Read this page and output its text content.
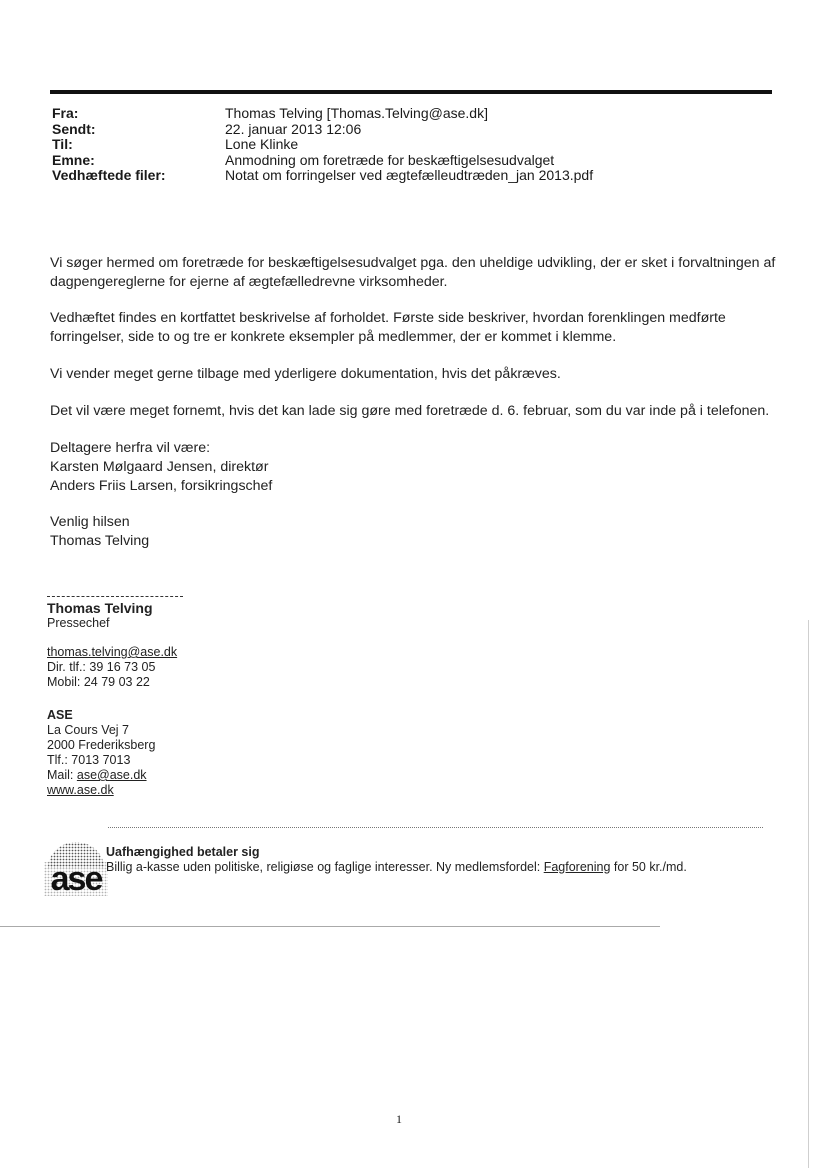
Fra:	Thomas Telving [Thomas.Telving@ase.dk]
Sendt:	22. januar 2013 12:06
Til:	Lone Klinke
Emne:	Anmodning om foretræde for beskæftigelsesudvalget
Vedhæftede filer:	Notat om forringelser ved ægtefælleudtræden_jan 2013.pdf

Vi søger hermed om foretræde for beskæftigelsesudvalget pga. den uheldige udvikling, der er sket i forvaltningen af

dagpengereglerne for ejerne af ægtefælledrevne virksomheder.

Vedhæftet findes en kortfattet beskrivelse af forholdet. Første side beskriver, hvordan forenklingen medførte

forringelser, side to og tre er konkrete eksempler på medlemmer, der er kommet i klemme.

Vi vender meget gerne tilbage med yderligere dokumentation, hvis det påkræves.

Det vil være meget fornemt, hvis det kan lade sig gøre med foretræde d. 6. februar, som du var inde på i telefonen.

Deltagere herfra vil være:

Karsten Mølgaard Jensen, direktør

Anders Friis Larsen, forsikringschef

Venlig hilsen

Thomas Telving

Thomas Telving
Pressechef
thomas.telving@ase.dk
Dir. tlf.: 39 16 73 05
Mobil: 24 79 03 22
ASE
La Cours Vej 7
2000 Frederiksberg
Tlf.: 7013 7013
Mail: ase@ase.dk
www.ase.dk
ase
Uafhængighed betaler sig
Billig a-kasse uden politiske, religiøse og faglige interesser. Ny medlemsfordel: Fagforening for 50 kr./md.
1
